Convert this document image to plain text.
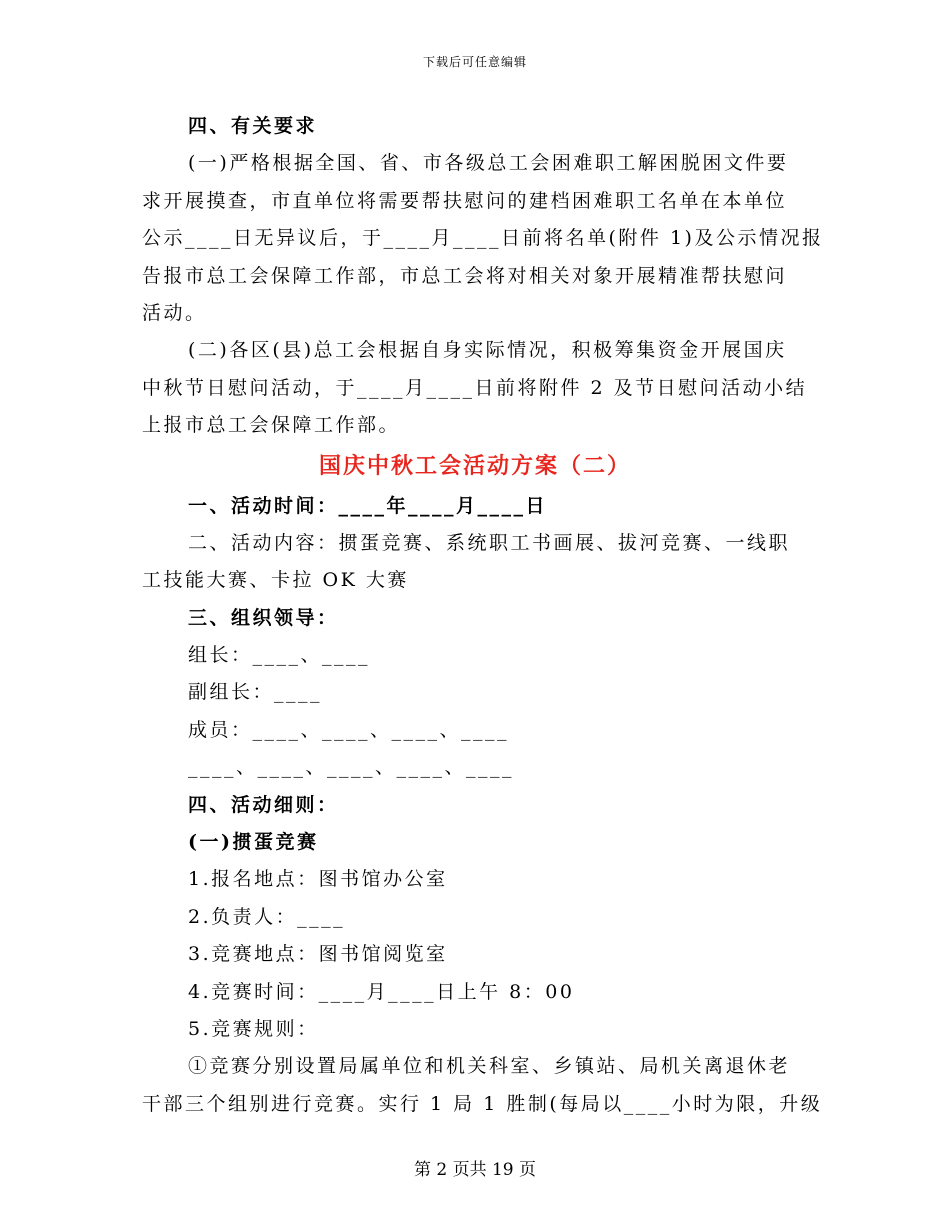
下载后可任意编辑
四、有关要求
(一)严格根据全国、省、市各级总工会困难职工解困脱困文件要
求开展摸查，市直单位将需要帮扶慰问的建档困难职工名单在本单位
公示____日无异议后，于____月____日前将名单(附件 1)及公示情况报
告报市总工会保障工作部，市总工会将对相关对象开展精准帮扶慰问
活动。
(二)各区(县)总工会根据自身实际情况，积极筹集资金开展国庆
中秋节日慰问活动，于____月____日前将附件 2 及节日慰问活动小结
上报市总工会保障工作部。
国庆中秋工会活动方案（二）
一、活动时间：____年____月____日
二、活动内容：掼蛋竞赛、系统职工书画展、拔河竞赛、一线职
工技能大赛、卡拉 OK 大赛
三、组织领导：
组长：____、____
副组长：____
成员：____、____、____、____
____、____、____、____、____
四、活动细则：
(一)掼蛋竞赛
1.报名地点：图书馆办公室
2.负责人：____
3.竞赛地点：图书馆阅览室
4.竞赛时间：____月____日上午 8：00
5.竞赛规则：
①竞赛分别设置局属单位和机关科室、乡镇站、局机关离退休老
干部三个组别进行竞赛。实行 1 局 1 胜制(每局以____小时为限，升级
第 2 页共 19 页
